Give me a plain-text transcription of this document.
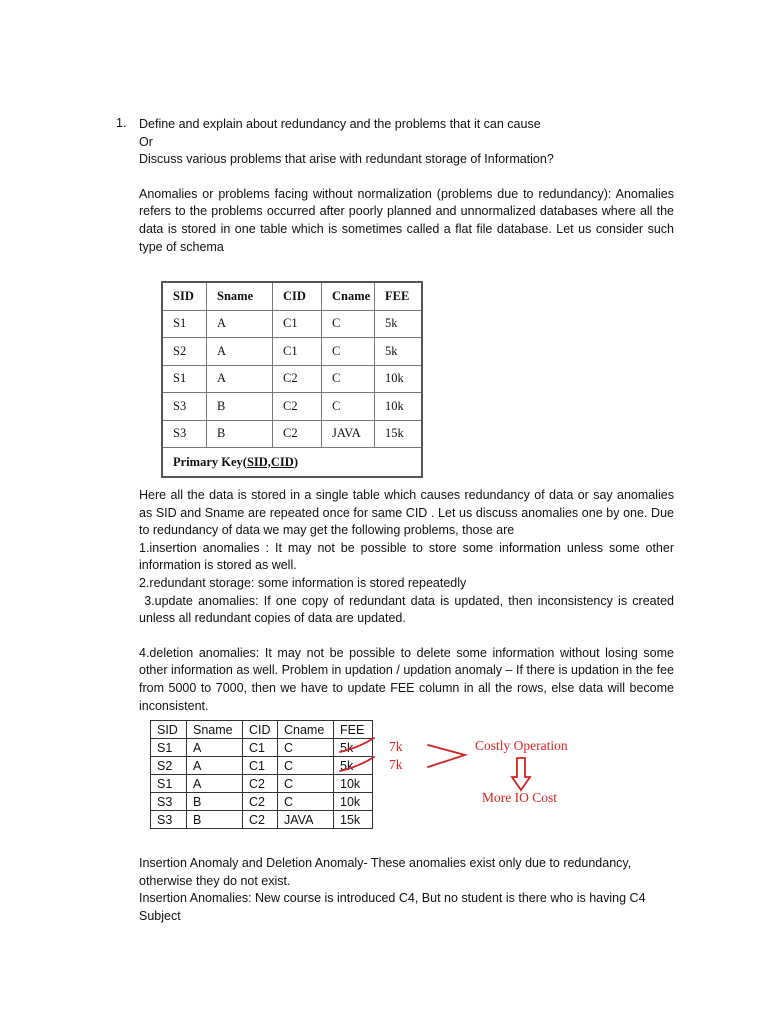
1. Define and explain about redundancy and the problems that it can cause

Or

Discuss various problems that arise with redundant storage of Information?

Anomalies or problems facing without normalization (problems due to redundancy): Anomalies refers to the problems occurred after poorly planned and unnormalized databases where all the data is stored in one table which is sometimes called a flat file database. Let us consider such type of schema

SID	Sname	CID	Cname	FEE
S1	A	C1	C	5k
S2	A	C1	C	5k
S1	A	C2	C	10k
S3	B	C2	C	10k
S3	B	C2	JAVA	15k
Primary Key(SID,CID)				

Here all the data is stored in a single table which causes redundancy of data or say anomalies as SID and Sname are repeated once for same CID . Let us discuss anomalies one by one. Due to redundancy of data we may get the following problems, those are

1.insertion anomalies : It may not be possible to store some information unless some other information is stored as well.

2.redundant storage: some information is stored repeatedly

3.update anomalies: If one copy of redundant data is updated, then inconsistency is created unless all redundant copies of data are updated.

4.deletion anomalies: It may not be possible to delete some information without losing some other information as well. Problem in updation / updation anomaly – If there is updation in the fee from 5000 to 7000, then we have to update FEE column in all the rows, else data will become inconsistent.

SID	Sname	CID	Cname	FEE
S1	A	C1	C	5k
S2	A	C1	C	5k
S1	A	C2	C	10k
S3	B	C2	C	10k
S3	B	C2	JAVA	15k
7k
7k
Costly Operation
More IO Cost

Insertion Anomaly and Deletion Anomaly- These anomalies exist only due to redundancy, otherwise they do not exist.

Insertion Anomalies: New course is introduced C4, But no student is there who is having C4 Subject
